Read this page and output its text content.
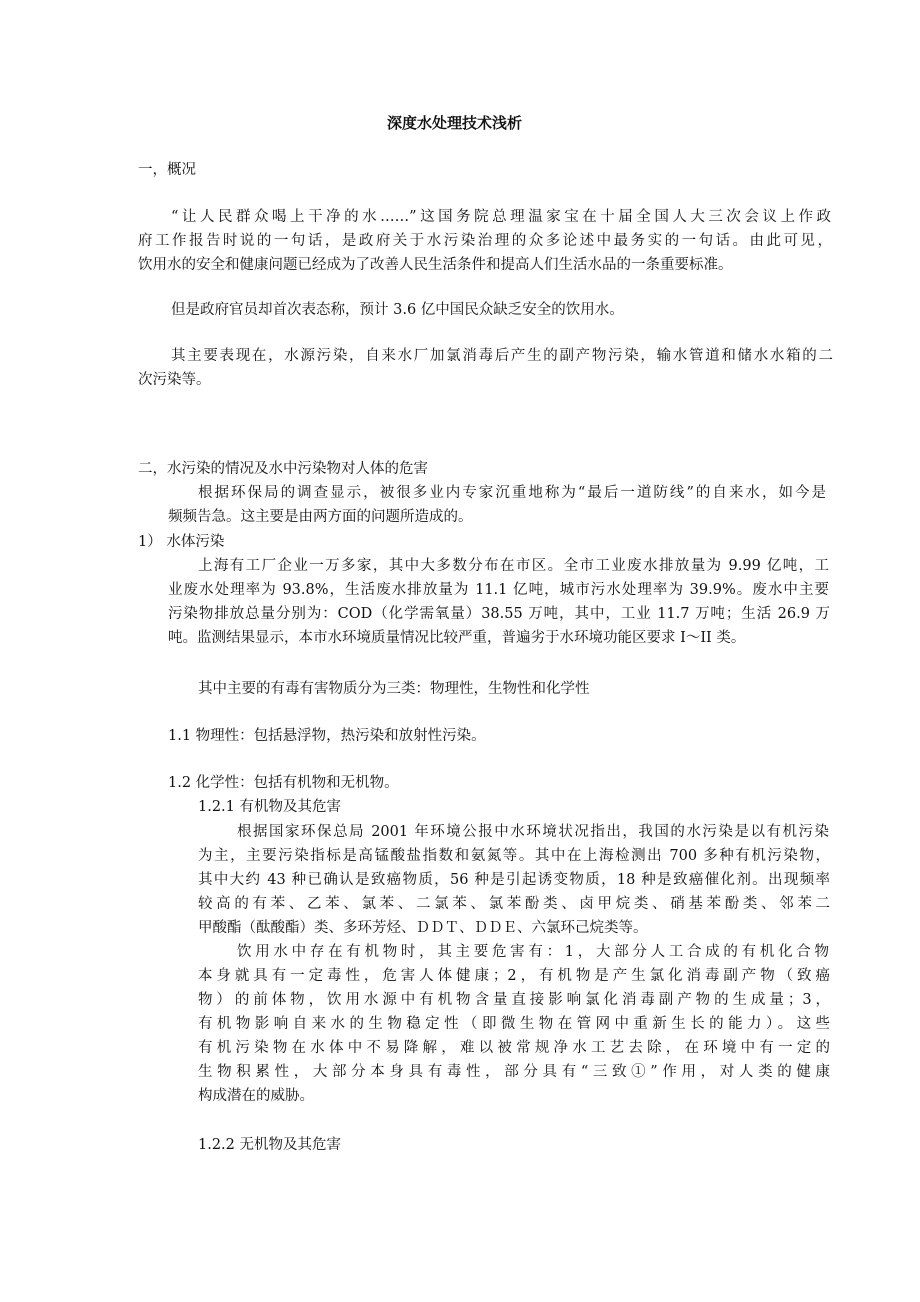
深度水处理技术浅析
一，概况
“让人民群众喝上干净的水……”这国务院总理温家宝在十届全国人大三次会议上作政
府工作报告时说的一句话，是政府关于水污染治理的众多论述中最务实的一句话。由此可见，
饮用水的安全和健康问题已经成为了改善人民生活条件和提高人们生活水品的一条重要标准。
但是政府官员却首次表态称，预计 3.6 亿中国民众缺乏安全的饮用水。
其主要表现在，水源污染，自来水厂加氯消毒后产生的副产物污染，输水管道和储水水箱的二
次污染等。
二，水污染的情况及水中污染物对人体的危害
根据环保局的调查显示，被很多业内专家沉重地称为“最后一道防线”的自来水，如今是
频频告急。这主要是由两方面的问题所造成的。
1） 水体污染
上海有工厂企业一万多家，其中大多数分布在市区。全市工业废水排放量为 9.99 亿吨，工
业废水处理率为 93.8%，生活废水排放量为 11.1 亿吨，城市污水处理率为 39.9%。废水中主要
污染物排放总量分别为：COD（化学需氧量）38.55 万吨，其中，工业 11.7 万吨；生活 26.9 万
吨。监测结果显示，本市水环境质量情况比较严重，普遍劣于水环境功能区要求 I～II 类。
其中主要的有毒有害物质分为三类：物理性，生物性和化学性
1.1 物理性：包括悬浮物，热污染和放射性污染。
1.2 化学性：包括有机物和无机物。
1.2.1 有机物及其危害
根据国家环保总局 2001 年环境公报中水环境状况指出，我国的水污染是以有机污染
为主，主要污染指标是高锰酸盐指数和氨氮等。其中在上海检测出 700 多种有机污染物，
其中大约 43 种已确认是致癌物质，56 种是引起诱变物质，18 种是致癌催化剂。出现频率
较高的有苯、乙苯、氯苯、二氯苯、氯苯酚类、卤甲烷类、硝基苯酚类、邻苯二
甲酸酯（酞酸酯）类、多环芳烃、ＤＤＴ、ＤＤＥ、六氯环己烷类等。
饮用水中存在有机物时，其主要危害有：1，大部分人工合成的有机化合物
本身就具有一定毒性，危害人体健康；2，有机物是产生氯化消毒副产物（致癌
物）的前体物，饮用水源中有机物含量直接影响氯化消毒副产物的生成量；3，
有机物影响自来水的生物稳定性（即微生物在管网中重新生长的能力）。这些
有机污染物在水体中不易降解，难以被常规净水工艺去除，在环境中有一定的
生物积累性，大部分本身具有毒性，部分具有“三致①”作用，对人类的健康
构成潜在的威胁。
1.2.2 无机物及其危害
